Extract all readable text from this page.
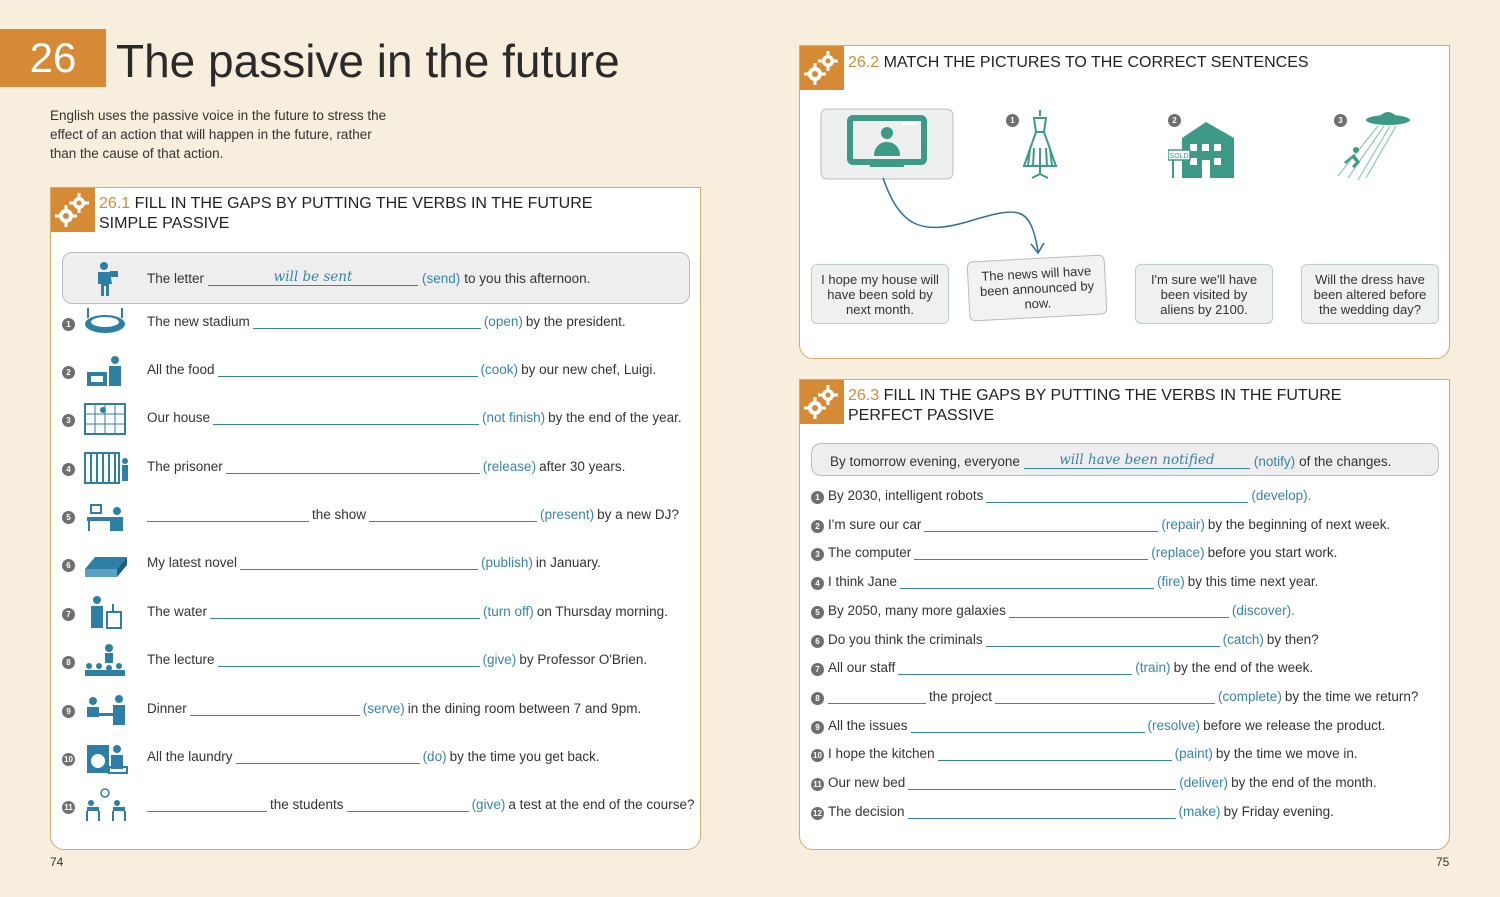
26 The passive in the future
English uses the passive voice in the future to stress the effect of an action that will happen in the future, rather than the cause of that action.
26.1 FILL IN THE GAPS BY PUTTING THE VERBS IN THE FUTURE
SIMPLE PASSIVE
The letter	will be sent	(send) to you this afternoon.
1	The new stadium	(open) by the president.
2	All the food	(cook) by our new chef, Luigi.
3	Our house	(not finish) by the end of the year.
4	The prisoner	(release) after 30 years.
5	the show	(present) by a new DJ?
6	My latest novel	(publish) in January.
7	The water	(turn off) on Thursday morning.
8	The lecture	(give) by Professor O'Brien.
9	Dinner	(serve) in the dining room between 7 and 9pm.
10	All the laundry	(do) by the time you get back.
11	the students	(give) a test at the end of the course?
26.2 MATCH THE PICTURES TO THE CORRECT SENTENCES
1	2
SOLD
3
I hope my house will have been sold by next month.
The news will have been announced by now.
I'm sure we'll have been visited by aliens by 2100.
Will the dress have been altered before the wedding day?
26.3 FILL IN THE GAPS BY PUTTING THE VERBS IN THE FUTURE
PERFECT PASSIVE
By tomorrow evening, everyone	will have been notified	(notify) of the changes.
1 By 2030, intelligent robots	(develop).
2 I'm sure our car	(repair) by the beginning of next week.
3 The computer	(replace) before you start work.
4 I think Jane	(fire) by this time next year.
5 By 2050, many more galaxies	(discover).
6 Do you think the criminals	(catch) by then?
7 All our staff	(train) by the end of the week.
8	the project	(complete) by the time we return?
9 All the issues	(resolve) before we release the product.
10 I hope the kitchen	(paint) by the time we move in.
11 Our new bed	(deliver) by the end of the month.
12 The decision	(make) by Friday evening.
74	75
